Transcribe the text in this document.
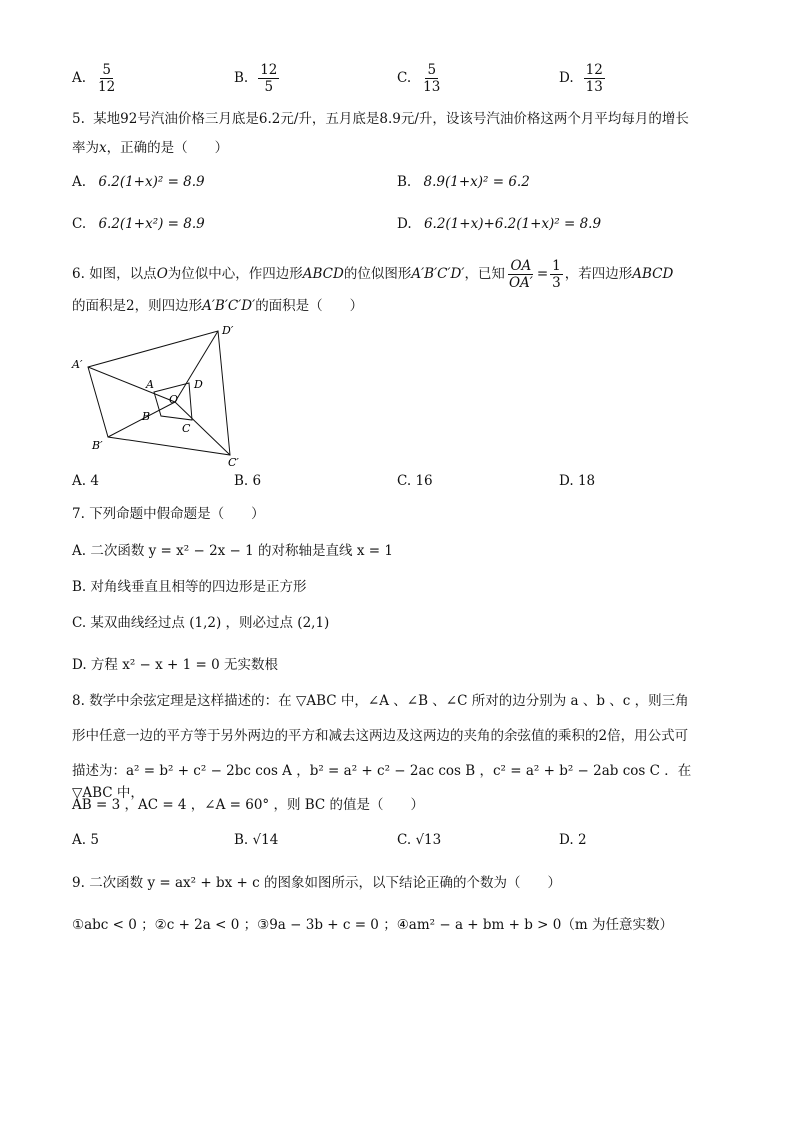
A. $\frac{5}{12}$	B. $\frac{12}{5}$	C. $\frac{5}{13}$	D. $\frac{12}{13}$
5. 某地92号汽油价格三月底是6.2元/升，五月底是8.9元/升，设该号汽油价格这两个月平均每月的增长
率为x，正确的是（　　）
A. 6.2(1+x)² = 8.9	B. 8.9(1+x)² = 6.2
C. 6.2(1+x²) = 8.9	D. 6.2(1+x)+6.2(1+x)² = 8.9
6. 如图，以点O为位似中心，作四边形ABCD的位似图形A′B′C′D′，已知 $\frac{OA}{OA'} = \frac{1}{3}$ ，若四边形ABCD
的面积是2，则四边形A′B′C′D′的面积是（　　）
A′
D′
C′
B′
A	D
C
B
O
A. 4	B. 6	C. 16	D. 18
7. 下列命题中假命题是（　　）
A. 二次函数 y = x² − 2x − 1 的对称轴是直线 x = 1
B. 对角线垂直且相等的四边形是正方形
C. 某双曲线经过点 (1,2) ，则必过点 (2,1)
D. 方程 x² − x + 1 = 0 无实数根
8. 数学中余弦定理是这样描述的：在 ▽ABC 中，∠A 、∠B 、∠C 所对的边分别为 a 、b 、c ，则三角
形中任意一边的平方等于另外两边的平方和减去这两边及这两边的夹角的余弦值的乘积的2倍，用公式可
描述为：a² = b² + c² − 2bc cos A ，b² = a² + c² − 2ac cos B ，c² = a² + b² − 2ab cos C ．在 ▽ABC 中，
AB = 3 ，AC = 4 ，∠A = 60° ，则 BC 的值是（　　）
A. 5	B. √14	C. √13	D. 2
9. 二次函数 y = ax² + bx + c 的图象如图所示，以下结论正确的个数为（　　）
①abc < 0 ；②c + 2a < 0 ；③9a − 3b + c = 0 ；④am² − a + bm + b > 0（m 为任意实数）
